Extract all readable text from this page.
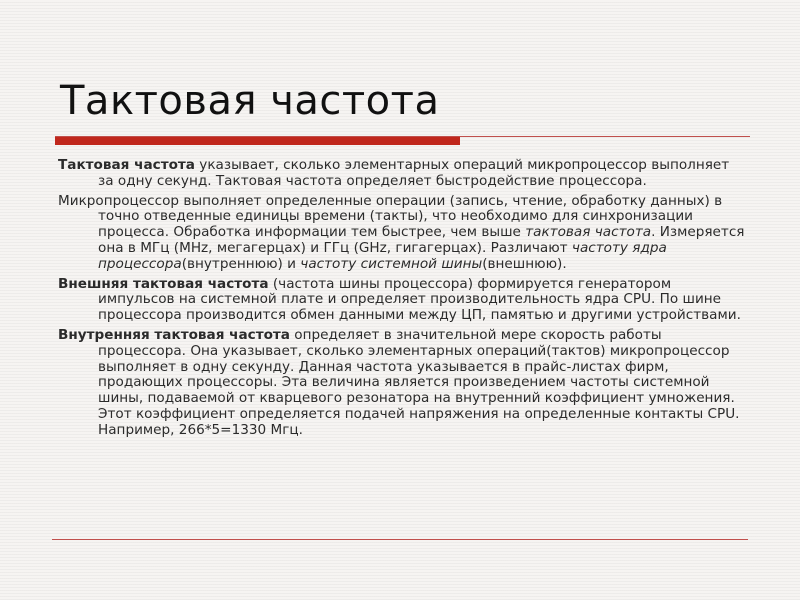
Тактовая частота
Тактовая частота указывает, сколько элементарных операций микропроцессор выполняет за одну секунд. Тактовая частота определяет быстродействие процессора.
Микропроцессор выполняет определенные операции (запись, чтение, обработку данных) в точно отведенные единицы времени (такты), что необходимо для синхронизации процесса. Обработка информации тем быстрее, чем выше тактовая частота. Измеряется она в МГц (MHz, мегагерцах) и ГГц (GHz, гигагерцах). Различают частоту ядра процессора(внутреннюю) и частоту системной шины(внешнюю).
Внешняя тактовая частота (частота шины процессора) формируется генератором импульсов на системной плате и определяет производительность ядра CPU. По шине процессора производится обмен данными между ЦП, памятью и другими устройствами.
Внутренняя тактовая частота определяет в значительной мере скорость работы процессора. Она указывает, сколько элементарных операций(тактов) микропроцессор выполняет в одну секунду. Данная частота указывается в прайс-листах фирм, продающих процессоры. Эта величина является произведением частоты системной шины, подаваемой от кварцевого резонатора на внутренний коэффициент умножения. Этот коэффициент определяется подачей напряжения на определенные контакты CPU. Например, 266*5=1330 Мгц.
